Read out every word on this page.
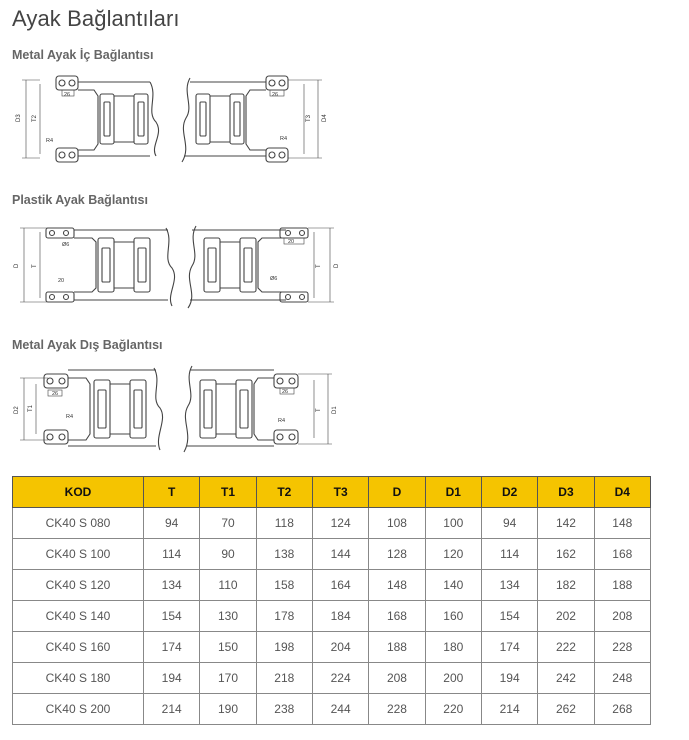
Ayak Bağlantıları
Metal Ayak İç Bağlantısı
D3 T2
26
R4
T3 D4
26
R4
Plastik Ayak Bağlantısı
D T
Ø6
20
T D
20
Ø6
Metal Ayak Dış Bağlantısı
D2 T1
26
R4
T D1
26
R4
KOD	T	T1	T2	T3	D	D1	D2	D3	D4
CK40 S 080	94	70	118	124	108	100	94	142	148
CK40 S 100	114	90	138	144	128	120	114	162	168
CK40 S 120	134	110	158	164	148	140	134	182	188
CK40 S 140	154	130	178	184	168	160	154	202	208
CK40 S 160	174	150	198	204	188	180	174	222	228
CK40 S 180	194	170	218	224	208	200	194	242	248
CK40 S 200	214	190	238	244	228	220	214	262	268
